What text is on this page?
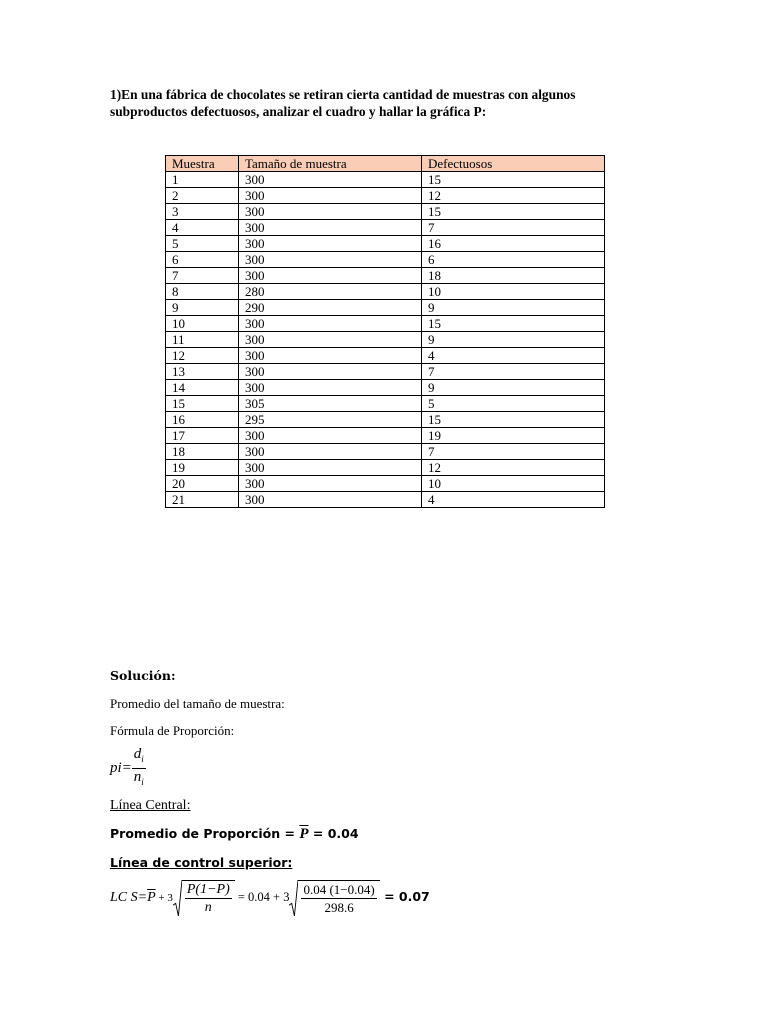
1)En una fábrica de chocolates se retiran cierta cantidad de muestras con algunos
subproductos defectuosos, analizar el cuadro y hallar la gráfica P:
Muestra	Tamaño de muestra	Defectuosos
1	300	15
2	300	12
3	300	15
4	300	7
5	300	16
6	300	6
7	300	18
8	280	10
9	290	9
10	300	15
11	300	9
12	300	4
13	300	7
14	300	9
15	305	5
16	295	15
17	300	19
18	300	7
19	300	12
20	300	10
21	300	4
Solución:
Promedio del tamaño de muestra:
Fórmula de Proporción:
$pi= \frac{d_i}{n_i}$
Línea Central:
Promedio de Proporción = $\overline{P} = 0.04$
Línea de control superior:
LC $S=\overline{P} + 3 \frac{P(1-P)}{n} = 0.04 + 3 \frac{0.04 (1-0.04)}{298.6} = 0.07$
